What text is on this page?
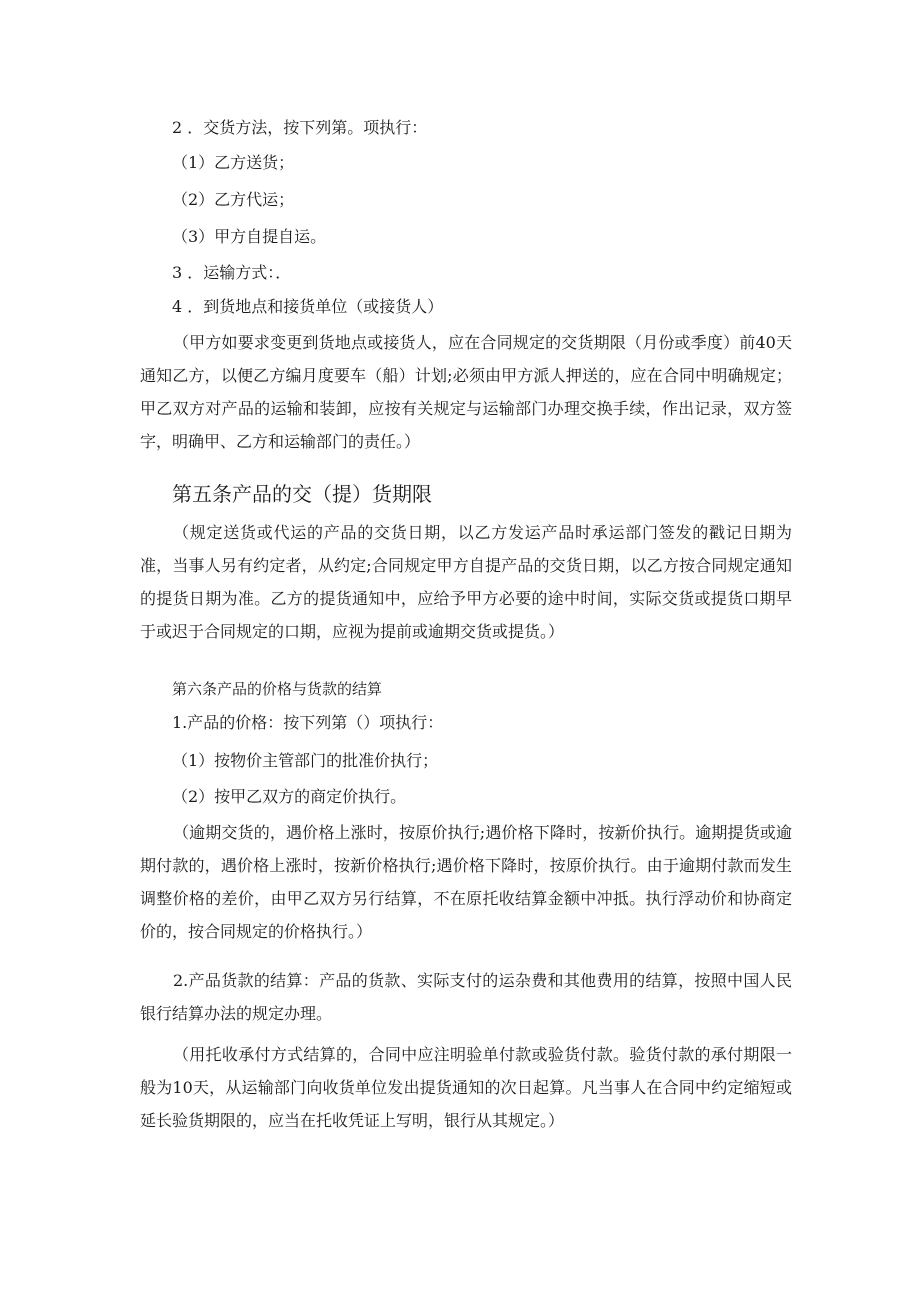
2 ．交货方法，按下列第。项执行：
（1）乙方送货；
（2）乙方代运；
（3）甲方自提自运。
3 ．运输方式：．
4 ．到货地点和接货单位（或接货人）
（甲方如要求变更到货地点或接货人，应在合同规定的交货期限（月份或季度）前40天通知乙方，以便乙方编月度要车（船）计划;必须由甲方派人押送的，应在合同中明确规定；甲乙双方对产品的运输和装卸，应按有关规定与运输部门办理交换手续，作出记录，双方签字，明确甲、乙方和运输部门的责任。）
第五条产品的交（提）货期限
（规定送货或代运的产品的交货日期，以乙方发运产品时承运部门签发的戳记日期为准，当事人另有约定者，从约定;合同规定甲方自提产品的交货日期，以乙方按合同规定通知的提货日期为准。乙方的提货通知中，应给予甲方必要的途中时间，实际交货或提货口期早于或迟于合同规定的口期，应视为提前或逾期交货或提货。）
第六条产品的价格与货款的结算
1.产品的价格：按下列第（）项执行：
（1）按物价主管部门的批准价执行；
（2）按甲乙双方的商定价执行。
（逾期交货的，遇价格上涨时，按原价执行;遇价格下降时，按新价执行。逾期提货或逾期付款的，遇价格上涨时，按新价格执行;遇价格下降时，按原价执行。由于逾期付款而发生调整价格的差价，由甲乙双方另行结算，不在原托收结算金额中冲抵。执行浮动价和协商定价的，按合同规定的价格执行。）
2.产品货款的结算：产品的货款、实际支付的运杂费和其他费用的结算，按照中国人民银行结算办法的规定办理。
（用托收承付方式结算的，合同中应注明验单付款或验货付款。验货付款的承付期限一般为10天，从运输部门向收货单位发出提货通知的次日起算。凡当事人在合同中约定缩短或延长验货期限的，应当在托收凭证上写明，银行从其规定。）
